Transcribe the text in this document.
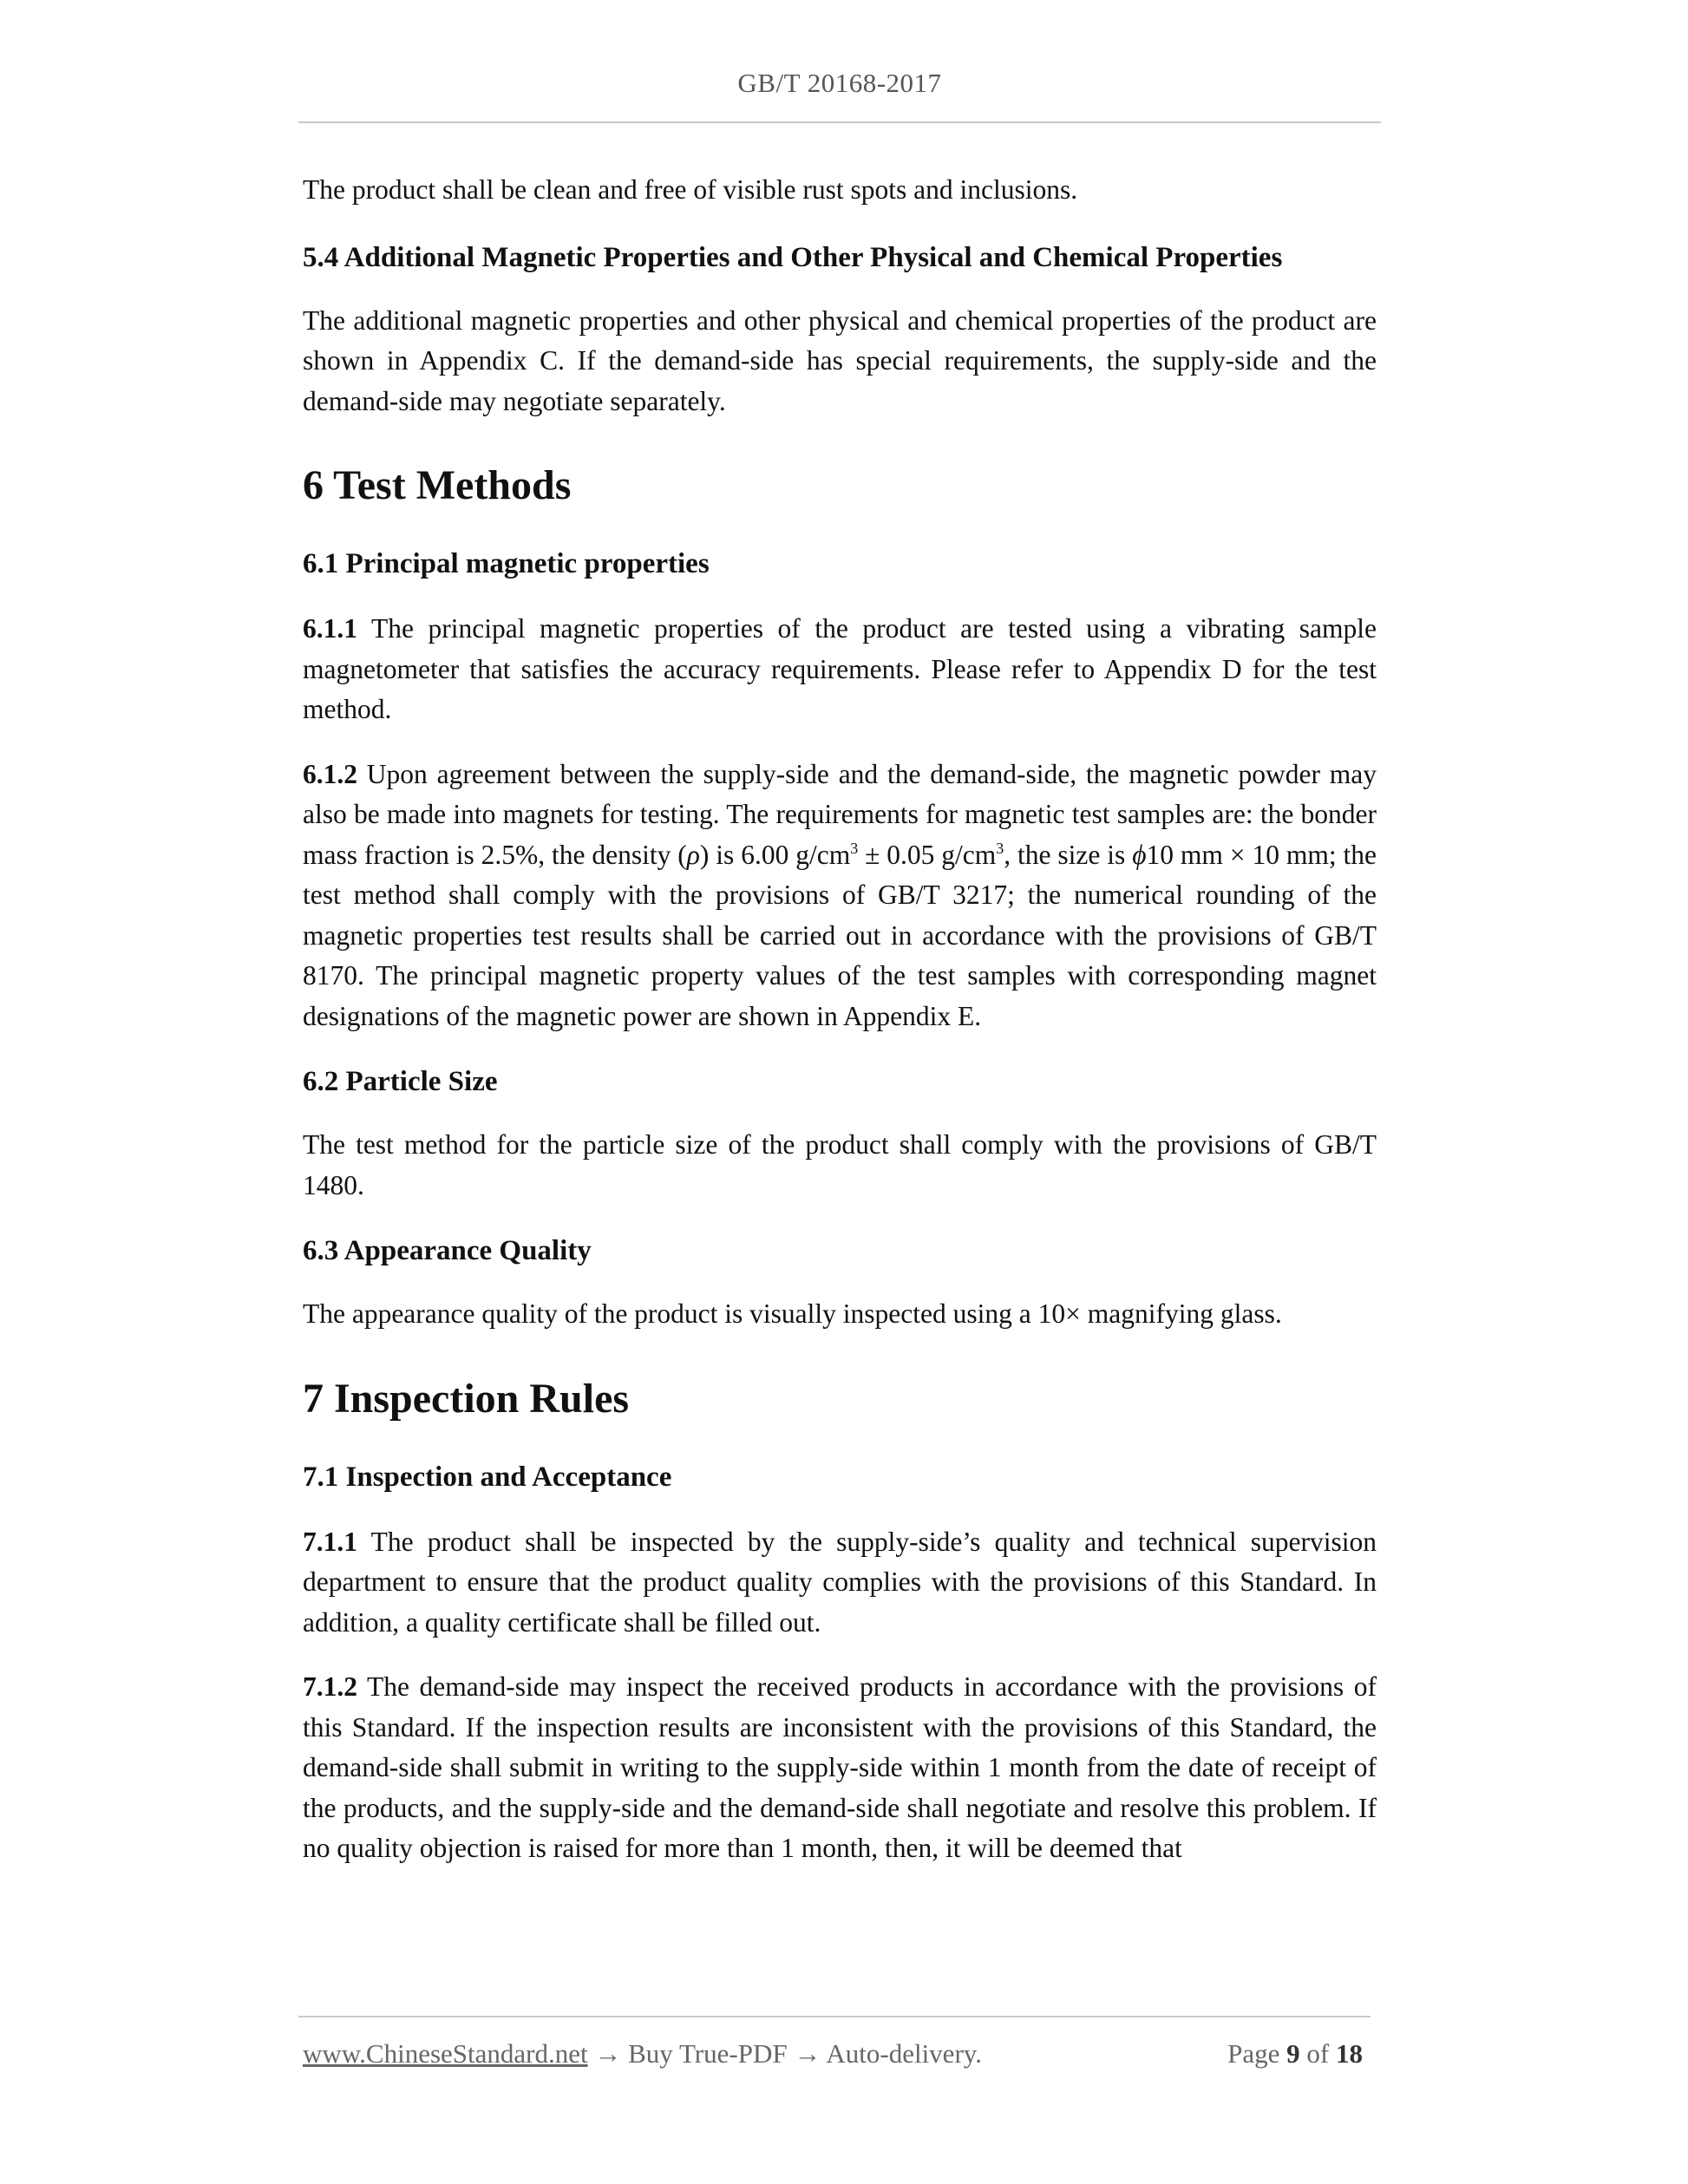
GB/T 20168-2017

The product shall be clean and free of visible rust spots and inclusions.

5.4 Additional Magnetic Properties and Other Physical and Chemical Properties

The additional magnetic properties and other physical and chemical properties of the product are shown in Appendix C. If the demand-side has special requirements, the supply-side and the demand-side may negotiate separately.

6 Test Methods
6.1 Principal magnetic properties

6.1.1 The principal magnetic properties of the product are tested using a vibrating sample magnetometer that satisfies the accuracy requirements. Please refer to Appendix D for the test method.

6.1.2 Upon agreement between the supply-side and the demand-side, the magnetic powder may also be made into magnets for testing. The requirements for magnetic test samples are: the bonder mass fraction is 2.5%, the density (ρ) is 6.00 $g/cm^3 \pm 0.05$ $g/cm^3$, the size is ϕ10 mm × 10 mm; the test method shall comply with the provisions of GB/T 3217; the numerical rounding of the magnetic properties test results shall be carried out in accordance with the provisions of GB/T 8170. The principal magnetic property values of the test samples with corresponding magnet designations of the magnetic power are shown in Appendix E.

6.2 Particle Size

The test method for the particle size of the product shall comply with the provisions of GB/T 1480.

6.3 Appearance Quality

The appearance quality of the product is visually inspected using a 10× magnifying glass.

7 Inspection Rules
7.1 Inspection and Acceptance

7.1.1 The product shall be inspected by the supply-side’s quality and technical supervision department to ensure that the product quality complies with the provisions of this Standard. In addition, a quality certificate shall be filled out.

7.1.2 The demand-side may inspect the received products in accordance with the provisions of this Standard. If the inspection results are inconsistent with the provisions of this Standard, the demand-side shall submit in writing to the supply-side within 1 month from the date of receipt of the products, and the supply-side and the demand-side shall negotiate and resolve this problem. If no quality objection is raised for more than 1 month, then, it will be deemed that

www.ChineseStandard.net → Buy True-PDF → Auto-delivery.	Page 9 of 18
